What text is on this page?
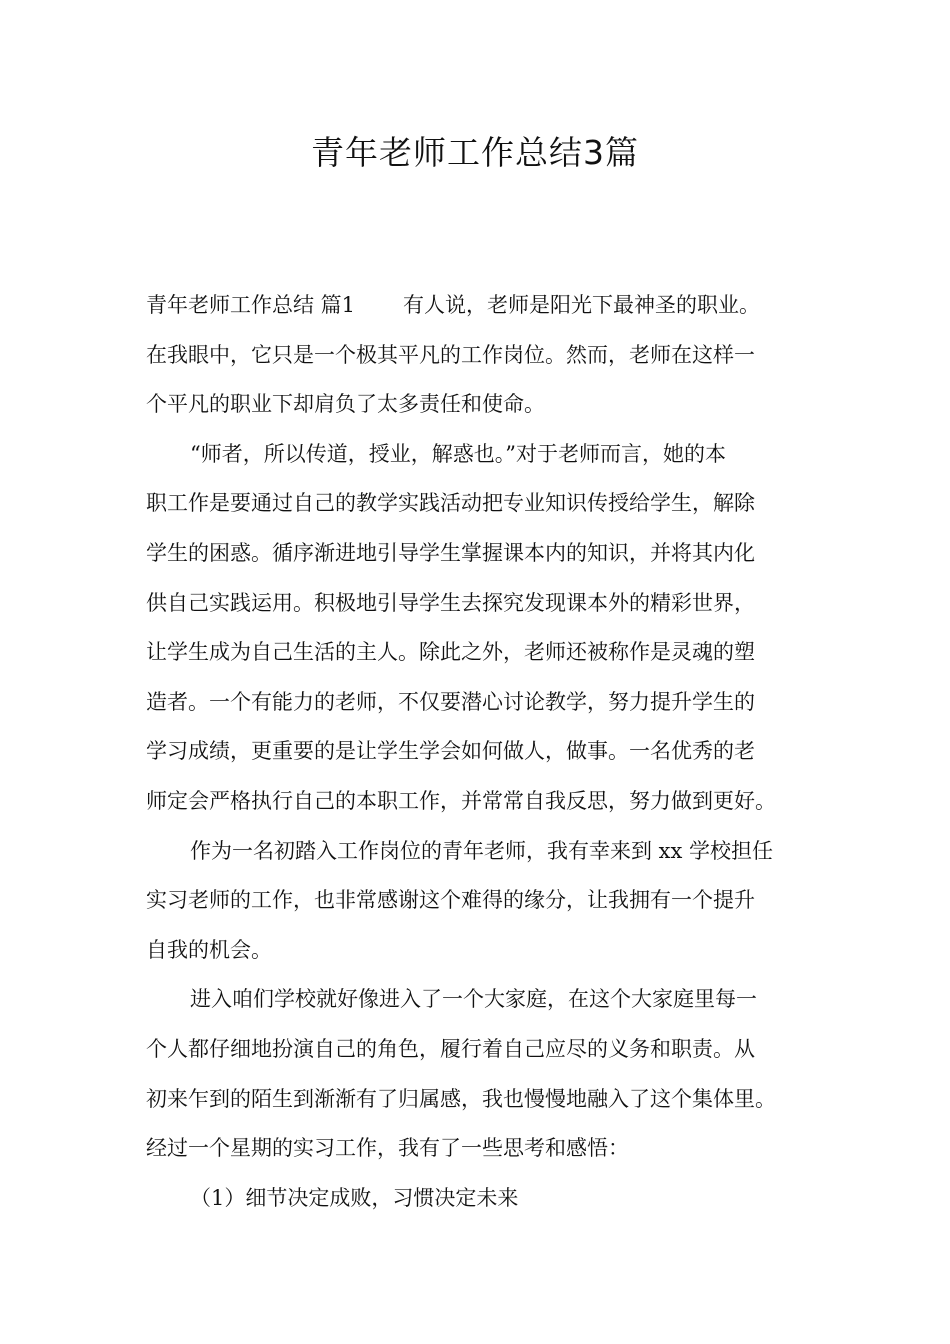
青年老师工作总结3篇
青年老师工作总结 篇1 有人说，老师是阳光下最神圣的职业。
在我眼中，它只是一个极其平凡的工作岗位。然而，老师在这样一
个平凡的职业下却肩负了太多责任和使命。
“师者，所以传道，授业，解惑也。”对于老师而言，她的本
职工作是要通过自己的教学实践活动把专业知识传授给学生，解除
学生的困惑。循序渐进地引导学生掌握课本内的知识，并将其内化
供自己实践运用。积极地引导学生去探究发现课本外的精彩世界，
让学生成为自己生活的主人。除此之外，老师还被称作是灵魂的塑
造者。一个有能力的老师，不仅要潜心讨论教学，努力提升学生的
学习成绩，更重要的是让学生学会如何做人，做事。一名优秀的老
师定会严格执行自己的本职工作，并常常自我反思，努力做到更好。
作为一名初踏入工作岗位的青年老师，我有幸来到 xx 学校担任
实习老师的工作，也非常感谢这个难得的缘分，让我拥有一个提升
自我的机会。
进入咱们学校就好像进入了一个大家庭，在这个大家庭里每一
个人都仔细地扮演自己的角色，履行着自己应尽的义务和职责。从
初来乍到的陌生到渐渐有了归属感，我也慢慢地融入了这个集体里。
经过一个星期的实习工作，我有了一些思考和感悟：
（1）细节决定成败，习惯决定未来
